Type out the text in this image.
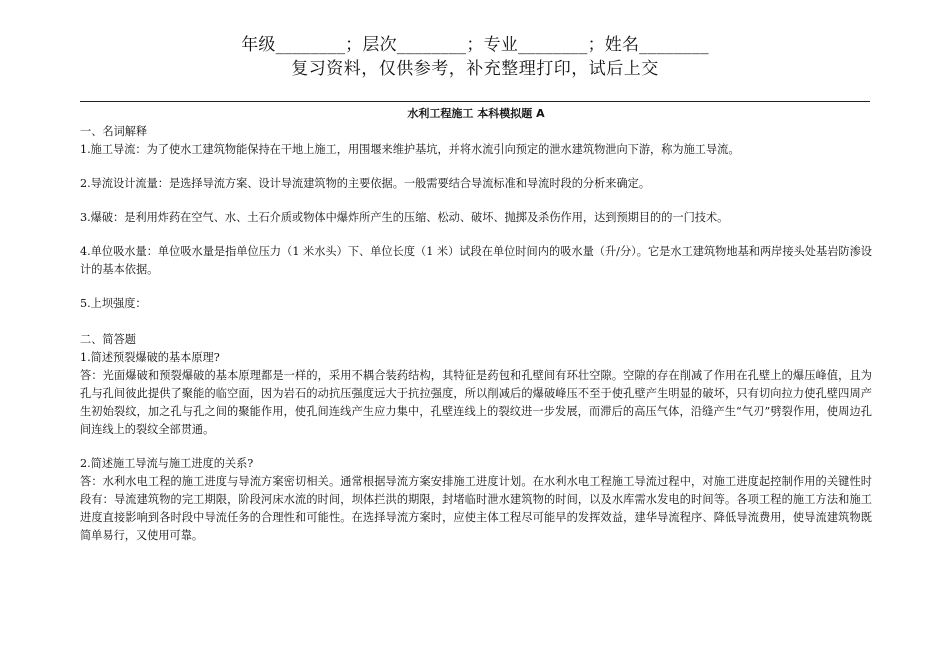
年级________；层次________；专业________；姓名________
复习资料，仅供参考，补充整理打印，试后上交
水利工程施工 本科模拟题 A
一、名词解释
1.施工导流：为了使水工建筑物能保持在干地上施工，用围堰来维护基坑，并将水流引向预定的泄水建筑物泄向下游，称为施工导流。
2.导流设计流量：是选择导流方案、设计导流建筑物的主要依据。一般需要结合导流标准和导流时段的分析来确定。
3.爆破：是利用炸药在空气、水、土石介质或物体中爆炸所产生的压缩、松动、破坏、抛掷及杀伤作用，达到预期目的的一门技术。
4.单位吸水量：单位吸水量是指单位压力（1 米水头）下、单位长度（1 米）试段在单位时间内的吸水量（升/分）。它是水工建筑物地基和两岸接头处基岩防渗设计的基本依据。
5.上坝强度：
二、简答题
1.简述预裂爆破的基本原理?
答：光面爆破和预裂爆破的基本原理都是一样的，采用不耦合装药结构，其特征是药包和孔壁间有环壮空隙。空隙的存在削减了作用在孔壁上的爆压峰值，且为孔与孔间彼此提供了聚能的临空面，因为岩石的动抗压强度远大于抗拉强度，所以削减后的爆破峰压不至于使孔壁产生明显的破坏，只有切向拉力使孔壁四周产生初始裂纹，加之孔与孔之间的聚能作用，使孔间连线产生应力集中，孔壁连线上的裂纹进一步发展，而滞后的高压气体，沿缝产生“气刃”劈裂作用，使周边孔间连线上的裂纹全部贯通。
2.简述施工导流与施工进度的关系?
答：水利水电工程的施工进度与导流方案密切相关。通常根据导流方案安排施工进度计划。在水利水电工程施工导流过程中，对施工进度起控制作用的关键性时段有：导流建筑物的完工期限，阶段河床水流的时间，坝体拦洪的期限，封堵临时泄水建筑物的时间，以及水库需水发电的时间等。各项工程的施工方法和施工进度直接影响到各时段中导流任务的合理性和可能性。在选择导流方案时，应使主体工程尽可能早的发挥效益，建华导流程序、降低导流费用，使导流建筑物既简单易行，又使用可靠。
